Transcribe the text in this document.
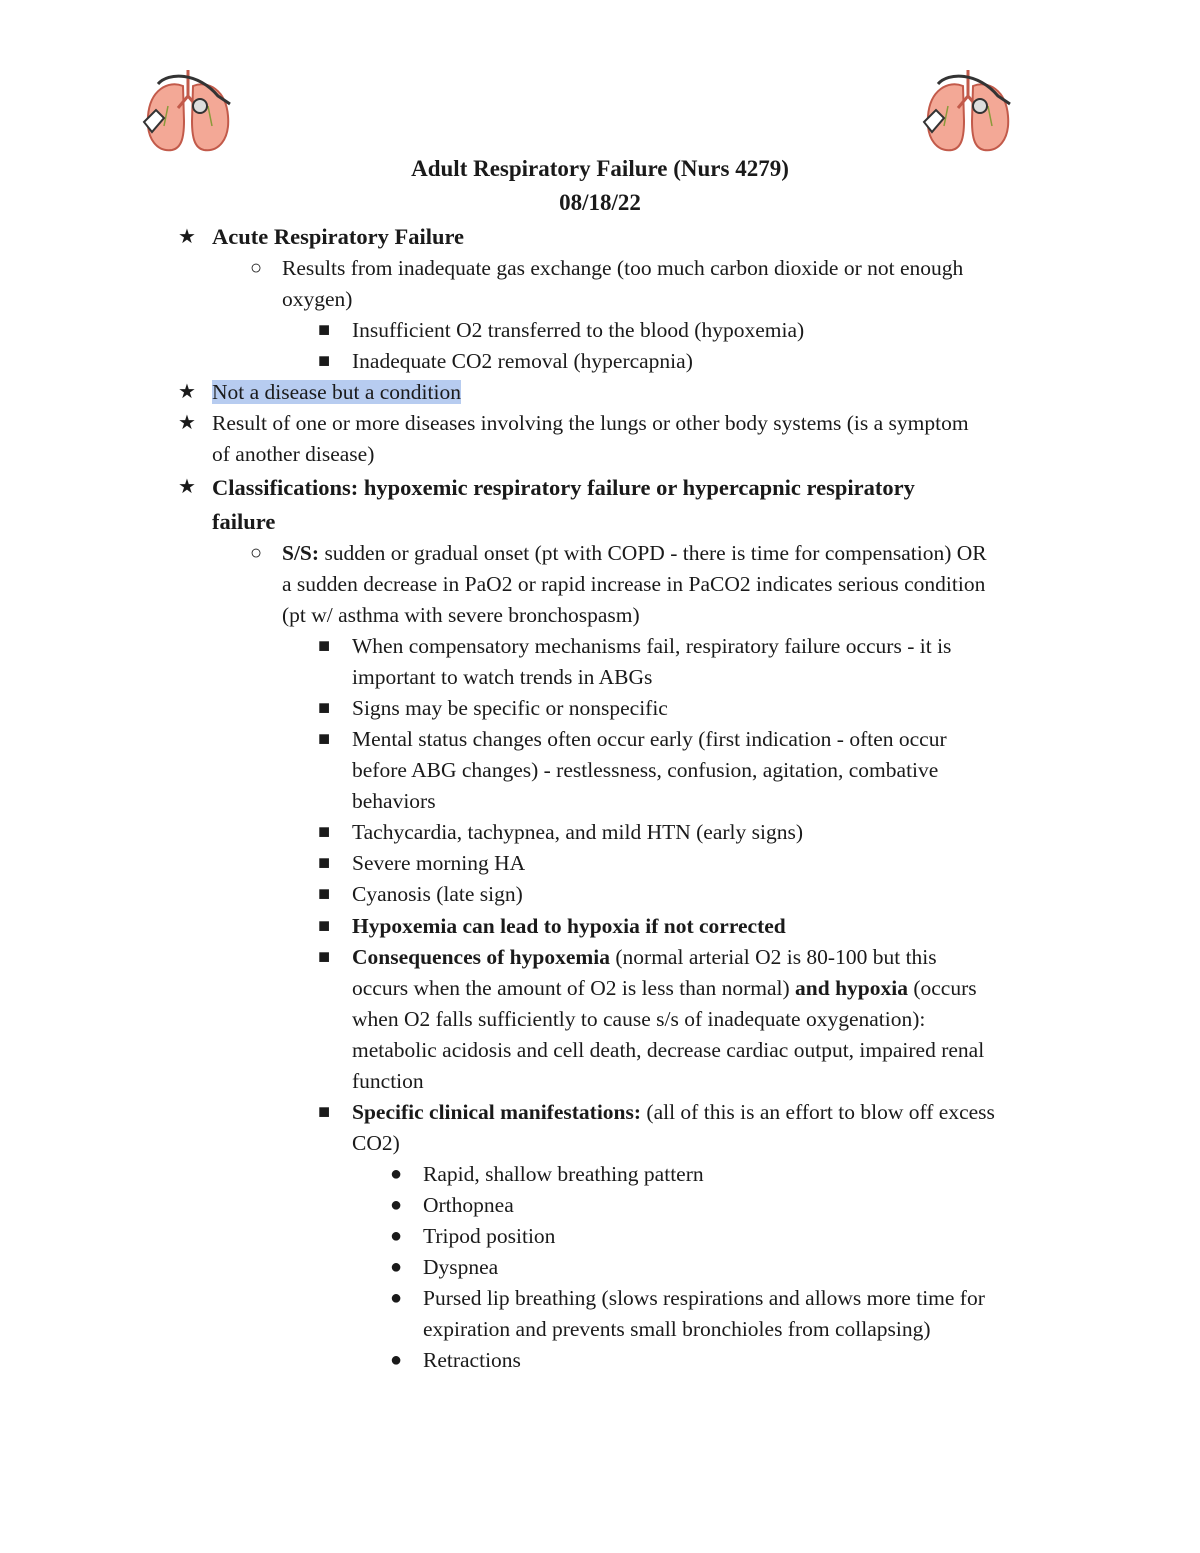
Adult Respiratory Failure (Nurs 4279)
08/18/22
★ Acute Respiratory Failure
○ Results from inadequate gas exchange (too much carbon dioxide or not enough
oxygen)
■ Insufficient O2 transferred to the blood (hypoxemia)
■ Inadequate CO2 removal (hypercapnia)
★ Not a disease but a condition
★ Result of one or more diseases involving the lungs or other body systems (is a symptom
of another disease)
★ Classifications: hypoxemic respiratory failure or hypercapnic respiratory
failure
○ S/S: sudden or gradual onset (pt with COPD - there is time for compensation) OR
a sudden decrease in PaO2 or rapid increase in PaCO2 indicates serious condition
(pt w/ asthma with severe bronchospasm)
■ When compensatory mechanisms fail, respiratory failure occurs - it is
important to watch trends in ABGs
■ Signs may be specific or nonspecific
■ Mental status changes often occur early (first indication - often occur
before ABG changes) - restlessness, confusion, agitation, combative
behaviors
■ Tachycardia, tachypnea, and mild HTN (early signs)
■ Severe morning HA
■ Cyanosis (late sign)
■ Hypoxemia can lead to hypoxia if not corrected
■ Consequences of hypoxemia (normal arterial O2 is 80-100 but this
occurs when the amount of O2 is less than normal) and hypoxia (occurs
when O2 falls sufficiently to cause s/s of inadequate oxygenation):
metabolic acidosis and cell death, decrease cardiac output, impaired renal
function
■ Specific clinical manifestations: (all of this is an effort to blow off excess
CO2)
● Rapid, shallow breathing pattern
● Orthopnea
● Tripod position
● Dyspnea
● Pursed lip breathing (slows respirations and allows more time for
expiration and prevents small bronchioles from collapsing)
● Retractions
